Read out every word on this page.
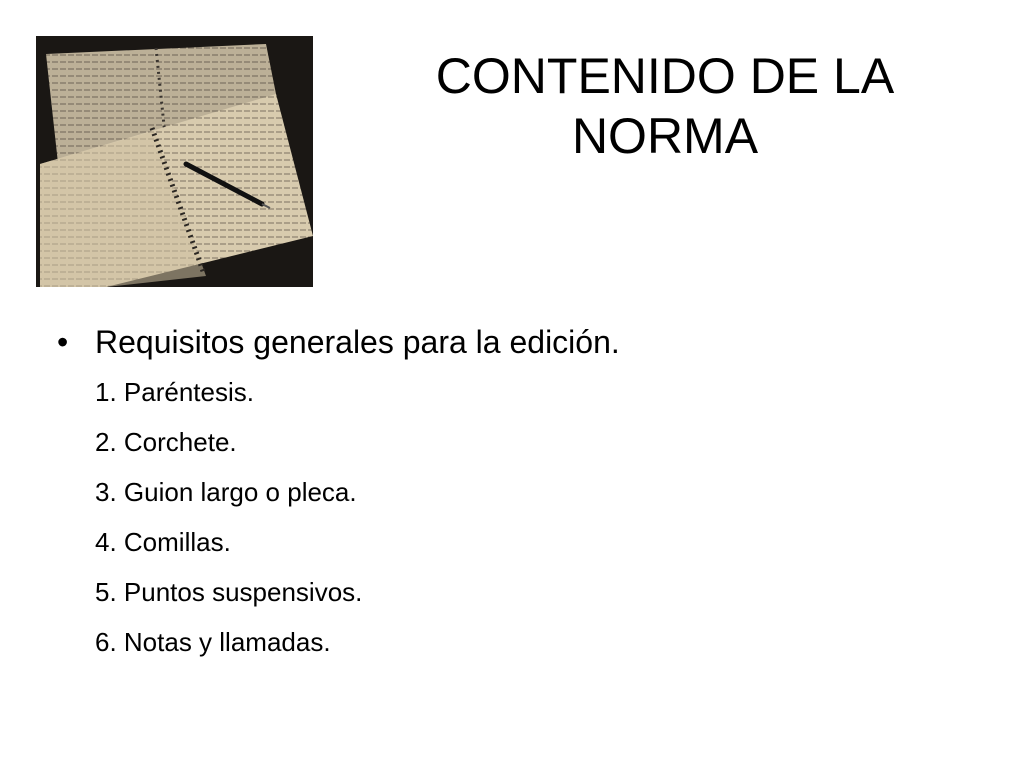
CONTENIDO DE LA NORMA
• Requisitos generales para la edición.
1. Paréntesis.
2. Corchete.
3. Guion largo o pleca.
4. Comillas.
5. Puntos suspensivos.
6. Notas y llamadas.
